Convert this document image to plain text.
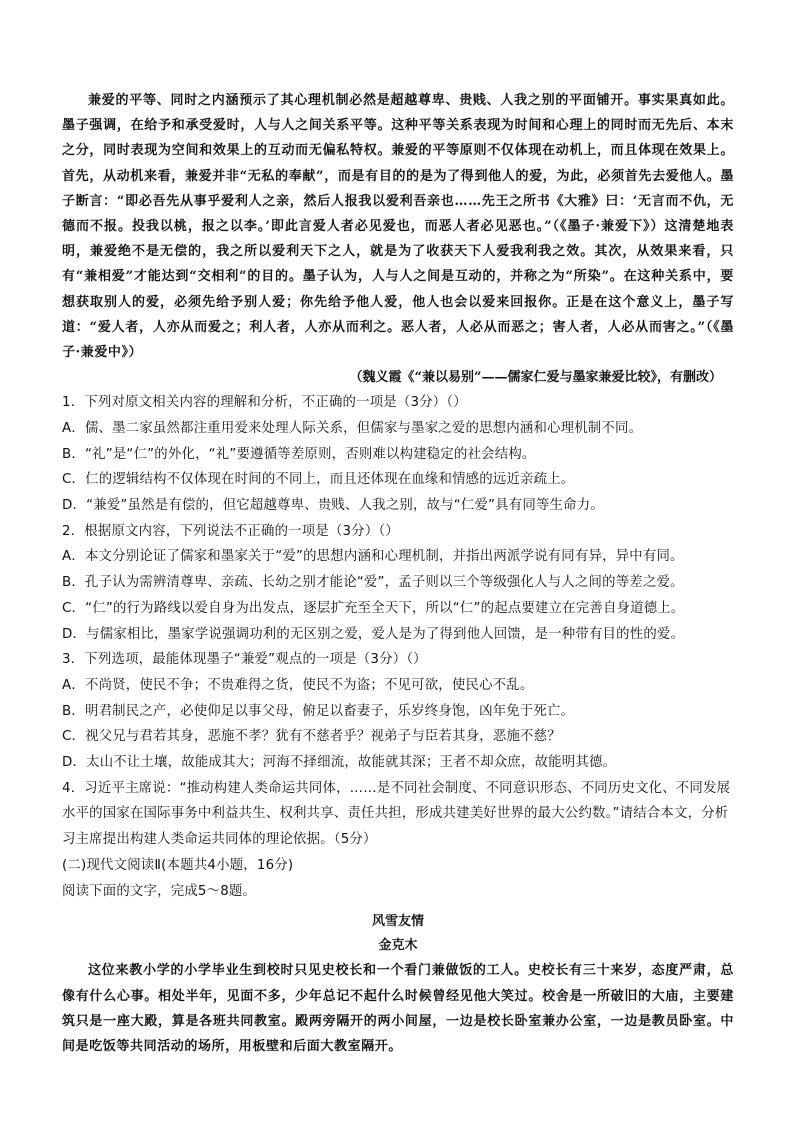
兼爱的平等、同时之内涵预示了其心理机制必然是超越尊卑、贵贱、人我之别的平面铺开。事实果真如此。墨子强调，在给予和承受爱时，人与人之间关系平等。这种平等关系表现为时间和心理上的同时而无先后、本末之分，同时表现为空间和效果上的互动而无偏私特权。兼爱的平等原则不仅体现在动机上，而且体现在效果上。首先，从动机来看，兼爱并非“无私的奉献”，而是有目的的是为了得到他人的爱，为此，必须首先去爱他人。墨子断言：“即必吾先从事乎爱利人之亲，然后人报我以爱利吾亲也……先王之所书《大雅》曰：‘无言而不仇，无德而不报。投我以桃，报之以李。’即此言爱人者必见爱也，而恶人者必见恶也。”（《墨子·兼爱下》）这清楚地表明，兼爱绝不是无偿的，我之所以爱利天下之人，就是为了收获天下人爱我利我之效。其次，从效果来看，只有“兼相爱”才能达到“交相利”的目的。墨子认为，人与人之间是互动的，并称之为“所染”。在这种关系中，要想获取别人的爱，必须先给予别人爱；你先给予他人爱，他人也会以爱来回报你。正是在这个意义上，墨子写道：“爱人者，人亦从而爱之；利人者，人亦从而利之。恶人者，人必从而恶之；害人者，人必从而害之。”（《墨子·兼爱中》）

（魏义霞《“兼以易别”——儒家仁爱与墨家兼爱比较》，有删改）

1．下列对原文相关内容的理解和分析，不正确的一项是（3分）（）

A．儒、墨二家虽然都注重用爱来处理人际关系，但儒家与墨家之爱的思想内涵和心理机制不同。

B．“礼”是“仁”的外化，“礼”要遵循等差原则，否则难以构建稳定的社会结构。

C．仁的逻辑结构不仅体现在时间的不同上，而且还体现在血缘和情感的远近亲疏上。

D．“兼爱”虽然是有偿的，但它超越尊卑、贵贱、人我之别，故与“仁爱”具有同等生命力。

2．根据原文内容，下列说法不正确的一项是（3分）（）

A．本文分别论证了儒家和墨家关于“爱”的思想内涵和心理机制，并指出两派学说有同有异，异中有同。

B．孔子认为需辨清尊卑、亲疏、长幼之别才能论“爱”，孟子则以三个等级强化人与人之间的等差之爱。

C．“仁”的行为路线以爱自身为出发点，逐层扩充至全天下，所以“仁”的起点要建立在完善自身道德上。

D．与儒家相比，墨家学说强调功利的无区别之爱，爱人是为了得到他人回馈，是一种带有目的性的爱。

3．下列选项，最能体现墨子“兼爱”观点的一项是（3分）（）

A．不尚贤，使民不争；不贵难得之货，使民不为盗；不见可欲，使民心不乱。

B．明君制民之产，必使仰足以事父母，俯足以畜妻子，乐岁终身饱，凶年免于死亡。

C．视父兄与君若其身，恶施不孝？犹有不慈者乎？视弟子与臣若其身，恶施不慈？

D．太山不让土壤，故能成其大；河海不择细流，故能就其深；王者不却众庶，故能明其德。

4．习近平主席说：“推动构建人类命运共同体，……是不同社会制度、不同意识形态、不同历史文化、不同发展水平的国家在国际事务中利益共生、权利共享、责任共担，形成共建美好世界的最大公约数。”请结合本文，分析习主席提出构建人类命运共同体的理论依据。（5分）

(二)现代文阅读Ⅱ(本题共4小题，16分)

阅读下面的文字，完成5～8题。

风雪友情

金克木

这位来教小学的小学毕业生到校时只见史校长和一个看门兼做饭的工人。史校长有三十来岁，态度严肃，总像有什么心事。相处半年，见面不多，少年总记不起什么时候曾经见他大笑过。校舍是一所破旧的大庙，主要建筑只是一座大殿，算是各班共同教室。殿两旁隔开的两小间屋，一边是校长卧室兼办公室，一边是教员卧室。中间是吃饭等共同活动的场所，用板壁和后面大教室隔开。
